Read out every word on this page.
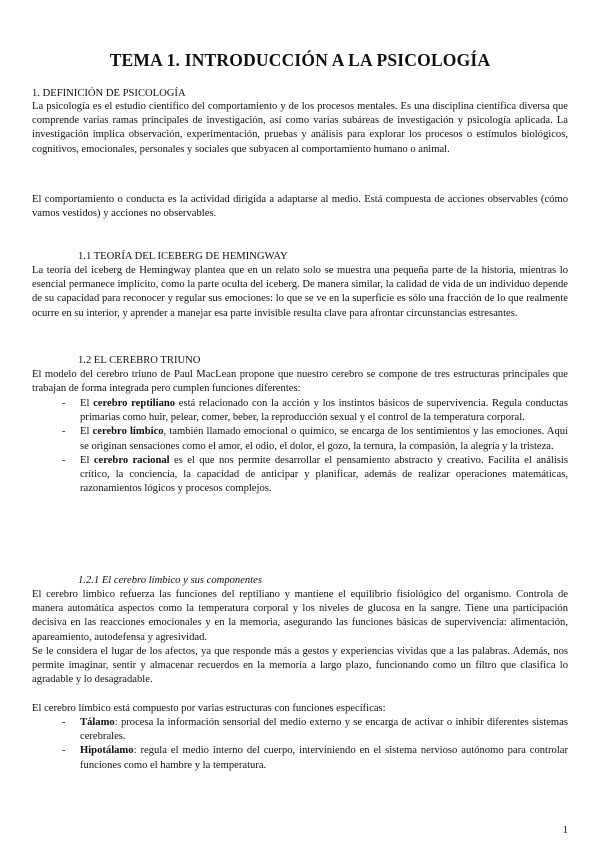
TEMA 1. INTRODUCCIÓN A LA PSICOLOGÍA
1. DEFINICIÓN DE PSICOLOGÍA
La psicología es el estudio científico del comportamiento y de los procesos mentales. Es una disciplina científica diversa que comprende varias ramas principales de investigación, así como varias subáreas de investigación y psicología aplicada. La investigación implica observación, experimentación, pruebas y análisis para explorar los procesos o estímulos biológicos, cognitivos, emocionales, personales y sociales que subyacen al comportamiento humano o animal.
El comportamiento o conducta es la actividad dirigida a adaptarse al medio. Está compuesta de acciones observables (cómo vamos vestidos) y acciones no observables.
1.1 TEORÍA DEL ICEBERG DE HEMINGWAY
La teoría del iceberg de Hemingway plantea que en un relato solo se muestra una pequeña parte de la historia, mientras lo esencial permanece implícito, como la parte oculta del iceberg. De manera similar, la calidad de vida de un individuo depende de su capacidad para reconocer y regular sus emociones: lo que se ve en la superficie es sólo una fracción de lo que realmente ocurre en su interior, y aprender a manejar esa parte invisible resulta clave para afrontar circunstancias estresantes.
1.2 EL CEREBRO TRIUNO
El modelo del cerebro triuno de Paul MacLean propone que nuestro cerebro se compone de tres estructuras principales que trabajan de forma integrada pero cumplen funciones diferentes:
- El cerebro reptiliano está relacionado con la acción y los instintos básicos de supervivencia. Regula conductas primarias como huir, pelear, comer, beber, la reproducción sexual y el control de la temperatura corporal.
- El cerebro límbico, también llamado emocional o químico, se encarga de los sentimientos y las emociones. Aquí se originan sensaciones como el amor, el odio, el dolor, el gozo, la ternura, la compasión, la alegría y la tristeza.
- El cerebro racional es el que nos permite desarrollar el pensamiento abstracto y creativo. Facilita el análisis crítico, la conciencia, la capacidad de anticipar y planificar, además de realizar operaciones matemáticas, razonamientos lógicos y procesos complejos.
1.2.1 El cerebro límbico y sus componentes
El cerebro límbico refuerza las funciones del reptiliano y mantiene el equilibrio fisiológico del organismo. Controla de manera automática aspectos como la temperatura corporal y los niveles de glucosa en la sangre. Tiene una participación decisiva en las reacciones emocionales y en la memoria, asegurando las funciones básicas de supervivencia: alimentación, apareamiento, autodefensa y agresividad.
Se le considera el lugar de los afectos, ya que responde más a gestos y experiencias vividas que a las palabras. Además, nos permite imaginar, sentir y almacenar recuerdos en la memoria a largo plazo, funcionando como un filtro que clasifica lo agradable y lo desagradable.
El cerebro límbico está compuesto por varias estructuras con funciones específicas:
- Tálamo: procesa la información sensorial del medio externo y se encarga de activar o inhibir diferentes sistemas cerebrales.
- Hipotálamo: regula el medio interno del cuerpo, interviniendo en el sistema nervioso autónomo para controlar funciones como el hambre y la temperatura.
1
